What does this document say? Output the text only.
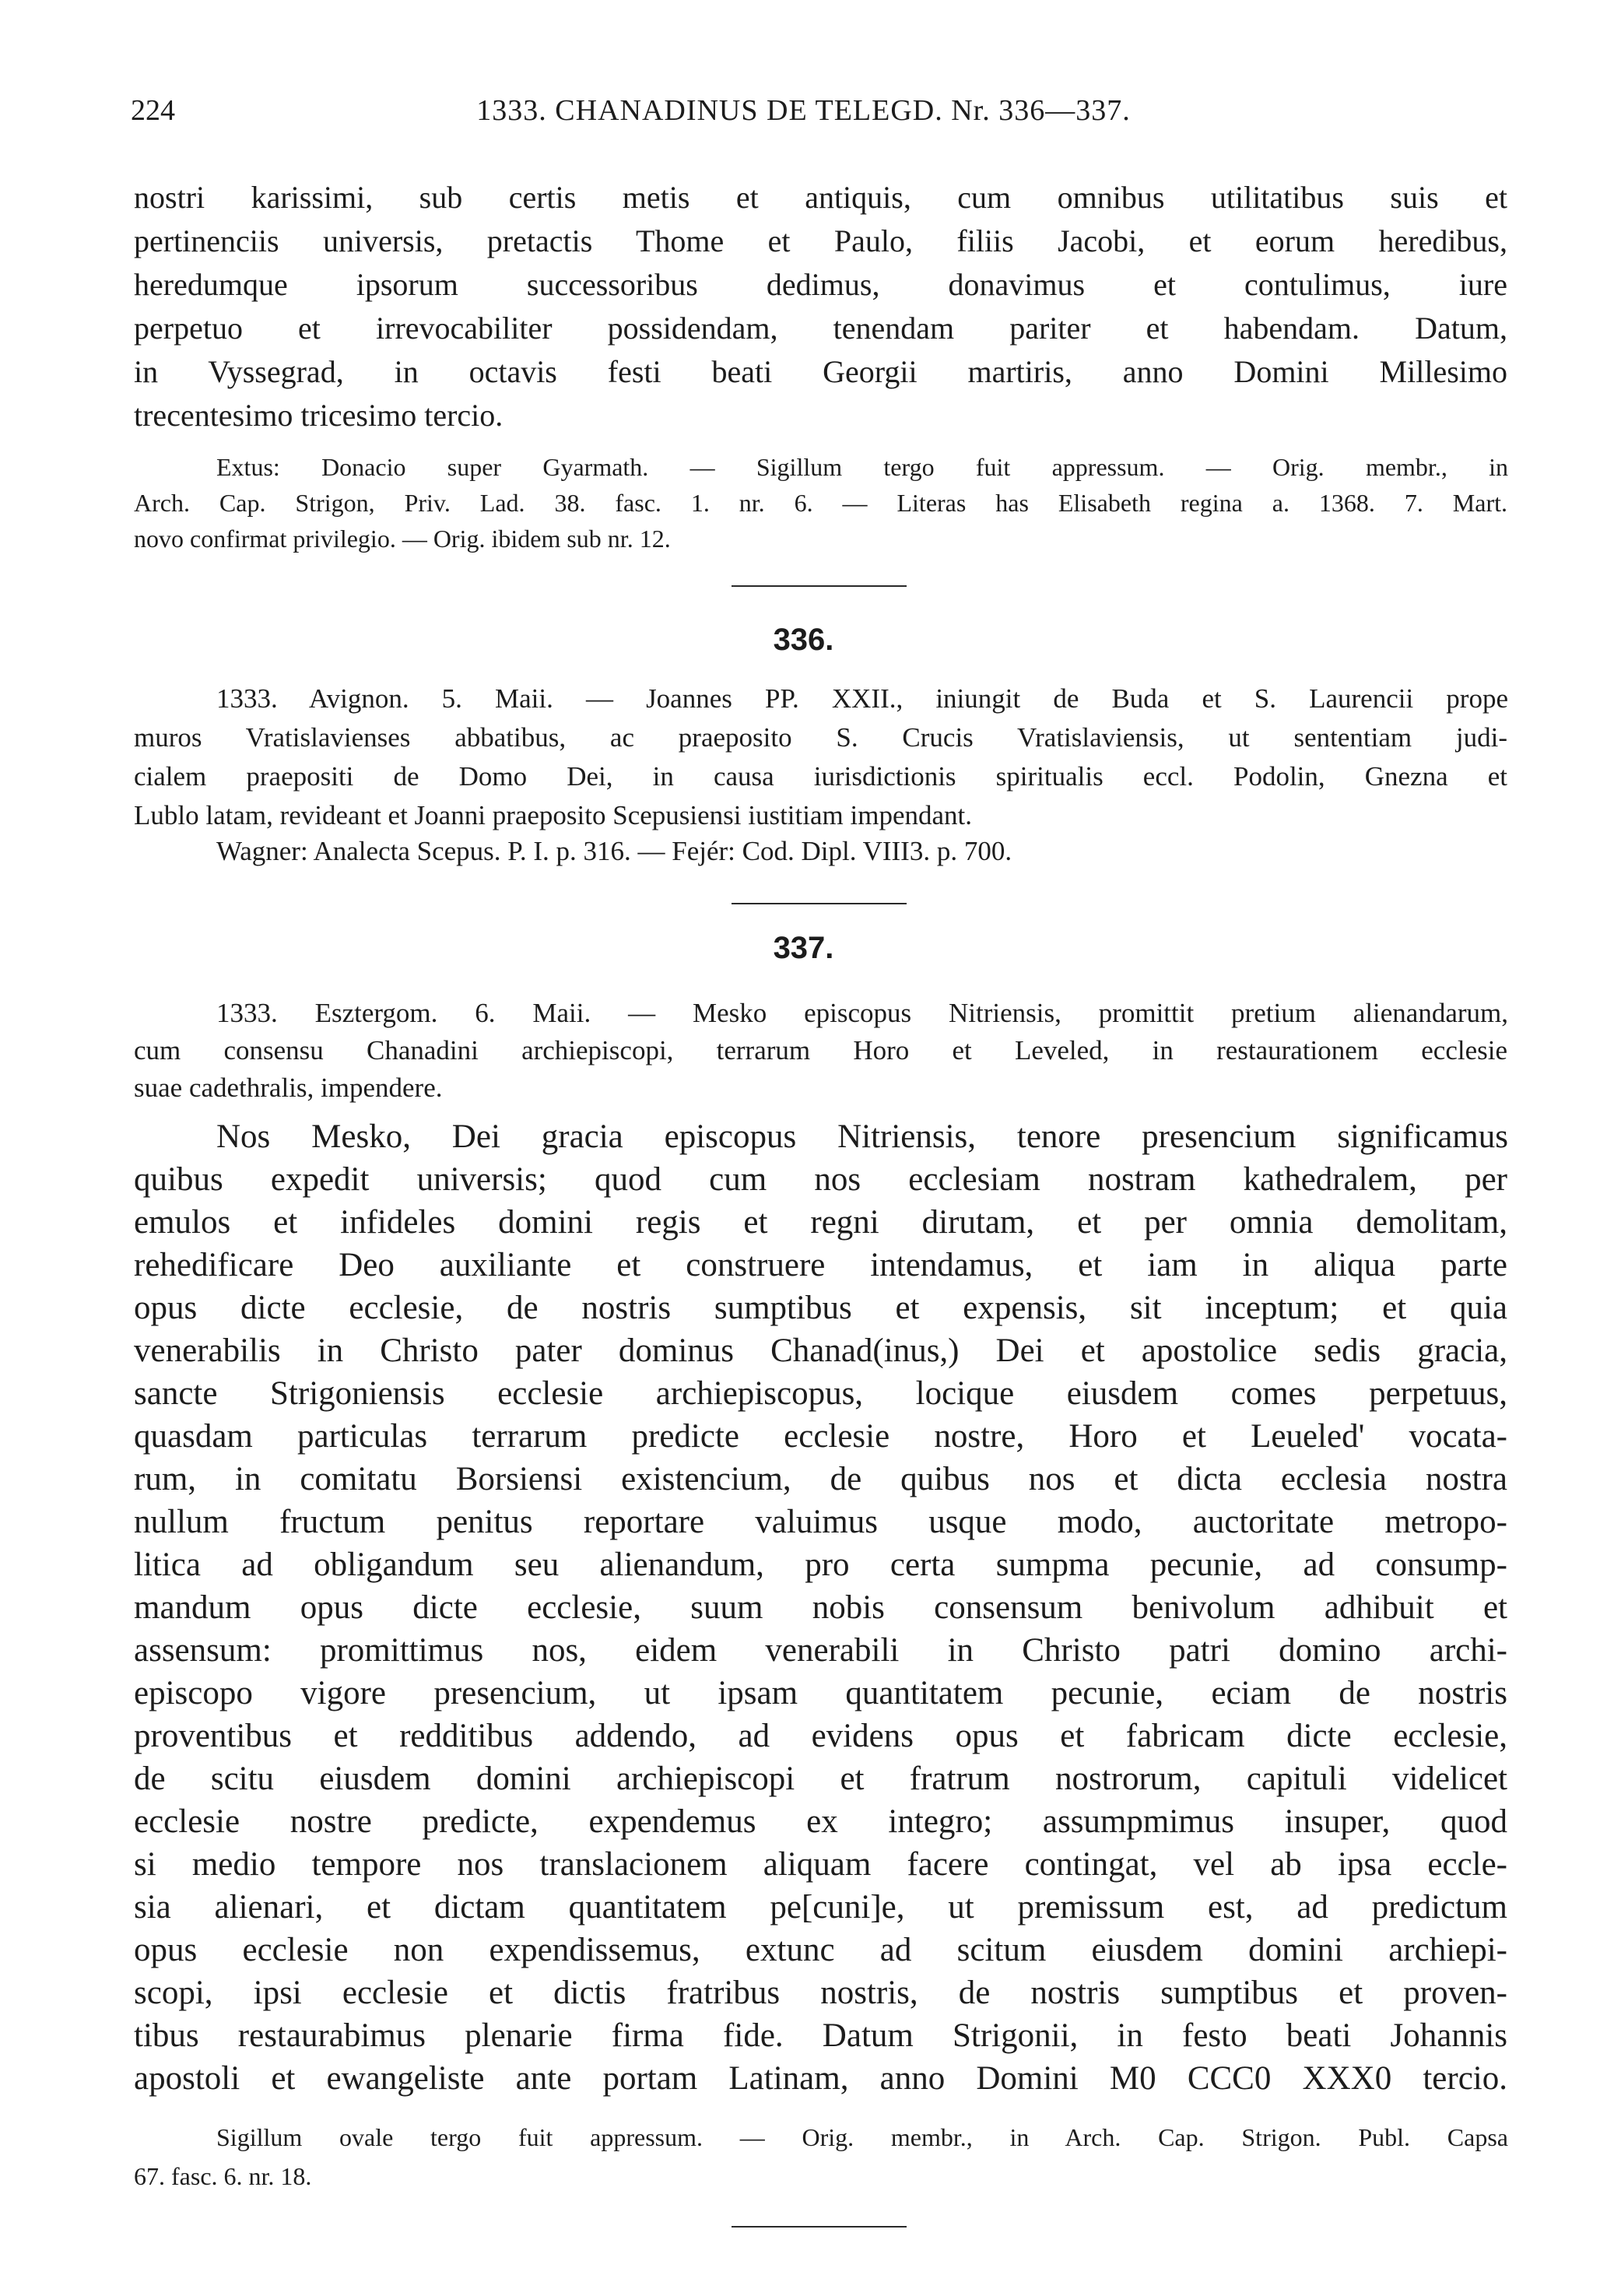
224	1333. CHANADINUS DE TELEGD. Nr. 336—337.

nostri karissimi, sub certis metis et antiquis, cum omnibus utilitatibus suis et

pertinenciis universis, pretactis Thome et Paulo, filiis Jacobi, et eorum heredibus,

heredumque ipsorum successoribus dedimus, donavimus et contulimus, iure

perpetuo et irrevocabiliter possidendam, tenendam pariter et habendam. Datum,

in Vyssegrad, in octavis festi beati Georgii martiris, anno Domini Millesimo

trecentesimo tricesimo tercio.

Extus: Donacio super Gyarmath. — Sigillum tergo fuit appressum. — Orig. membr., in

Arch. Cap. Strigon, Priv. Lad. 38. fasc. 1. nr. 6. — Literas has Elisabeth regina a. 1368. 7. Mart.

novo confirmat privilegio. — Orig. ibidem sub nr. 12.

336.

1333. Avignon. 5. Maii. — Joannes PP. XXII., iniungit de Buda et S. Laurencii prope

muros Vratislavienses abbatibus, ac praeposito S. Crucis Vratislaviensis, ut sententiam judi-

cialem praepositi de Domo Dei, in causa iurisdictionis spiritualis eccl. Podolin, Gnezna et

Lublo latam, revideant et Joanni praeposito Scepusiensi iustitiam impendant.

Wagner: Analecta Scepus. P. I. p. 316. — Fejér: Cod. Dipl. VIII3. p. 700.

337.

1333. Esztergom. 6. Maii. — Mesko episcopus Nitriensis, promittit pretium alienandarum,

cum consensu Chanadini archiepiscopi, terrarum Horo et Leveled, in restaurationem ecclesie

suae cadethralis, impendere.

Nos Mesko, Dei gracia episcopus Nitriensis, tenore presencium significamus

quibus expedit universis; quod cum nos ecclesiam nostram kathedralem, per

emulos et infideles domini regis et regni dirutam, et per omnia demolitam,

rehedificare Deo auxiliante et construere intendamus, et iam in aliqua parte

opus dicte ecclesie, de nostris sumptibus et expensis, sit inceptum; et quia

venerabilis in Christo pater dominus Chanad(inus,) Dei et apostolice sedis gracia,

sancte Strigoniensis ecclesie archiepiscopus, locique eiusdem comes perpetuus,

quasdam particulas terrarum predicte ecclesie nostre, Horo et Leueled' vocata-

rum, in comitatu Borsiensi existencium, de quibus nos et dicta ecclesia nostra

nullum fructum penitus reportare valuimus usque modo, auctoritate metropo-

litica ad obligandum seu alienandum, pro certa sumpma pecunie, ad consump-

mandum opus dicte ecclesie, suum nobis consensum benivolum adhibuit et

assensum: promittimus nos, eidem venerabili in Christo patri domino archi-

episcopo vigore presencium, ut ipsam quantitatem pecunie, eciam de nostris

proventibus et redditibus addendo, ad evidens opus et fabricam dicte ecclesie,

de scitu eiusdem domini archiepiscopi et fratrum nostrorum, capituli videlicet

ecclesie nostre predicte, expendemus ex integro; assumpmimus insuper, quod

si medio tempore nos translacionem aliquam facere contingat, vel ab ipsa eccle-

sia alienari, et dictam quantitatem pe[cuni]e, ut premissum est, ad predictum

opus ecclesie non expendissemus, extunc ad scitum eiusdem domini archiepi-

scopi, ipsi ecclesie et dictis fratribus nostris, de nostris sumptibus et proven-

tibus restaurabimus plenarie firma fide. Datum Strigonii, in festo beati Johannis

apostoli et ewangeliste ante portam Latinam, anno Domini M0 CCC0 XXX0 tercio.

Sigillum ovale tergo fuit appressum. — Orig. membr., in Arch. Cap. Strigon. Publ. Capsa

67. fasc. 6. nr. 18.
